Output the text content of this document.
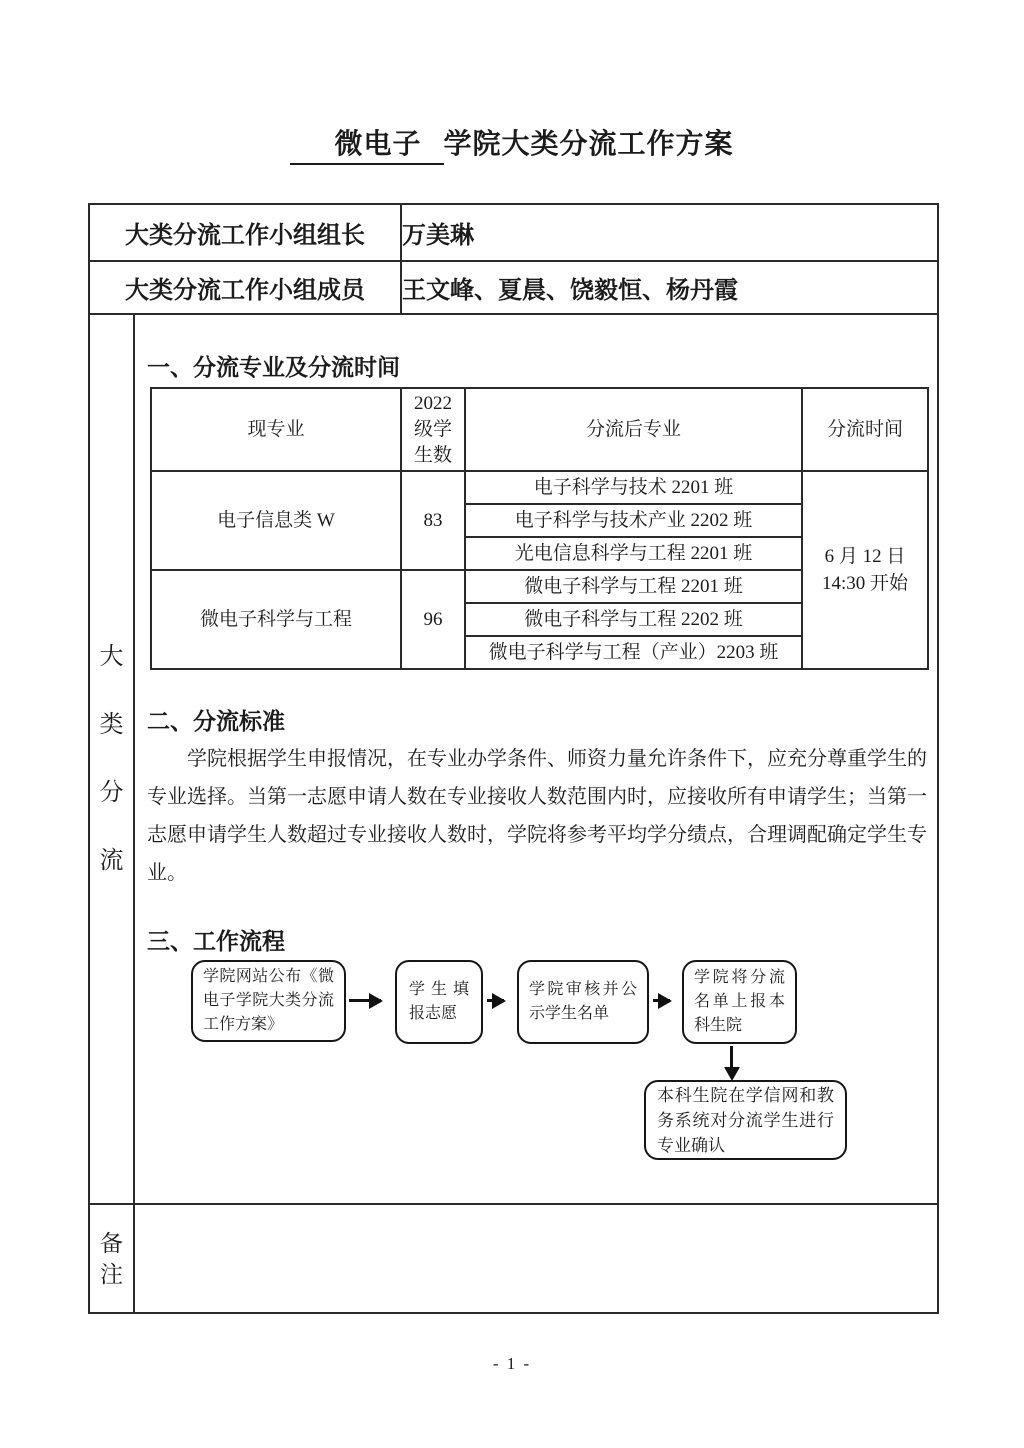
微电子 学院大类分流工作方案
大类分流工作小组组长	万美琳
大类分流工作小组成员	王文峰、夏晨、饶毅恒、杨丹霞

大
类
分
流

一、分流专业及分流时间
现专业	2022级学生数	分流后专业	分流时间
电子信息类 W	83	电子科学与技术 2201 班	
6 月 12 日
14:30 开始

电子科学与技术产业 2202 班
光电信息科学与工程 2201 班
微电子科学与工程	96	微电子科学与工程 2201 班
微电子科学与工程 2202 班
微电子科学与工程（产业）2203 班
二、分流标准

学院根据学生申报情况，在专业办学条件、师资力量允许条件下，应充分尊重学生的专业选择。当第一志愿申请人数在专业接收人数范围内时，应接收所有申请学生；当第一志愿申请学生人数超过专业接收人数时，学院将参考平均学分绩点，合理调配确定学生专业。

三、工作流程
学院网站公布《微电子学院大类分流工作方案》
学生填报志愿
学院审核并公示学生名单
学院将分流名单上报本科生院
本科生院在学信网和教务系统对分流学生进行专业确认

备
注

- 1 -
